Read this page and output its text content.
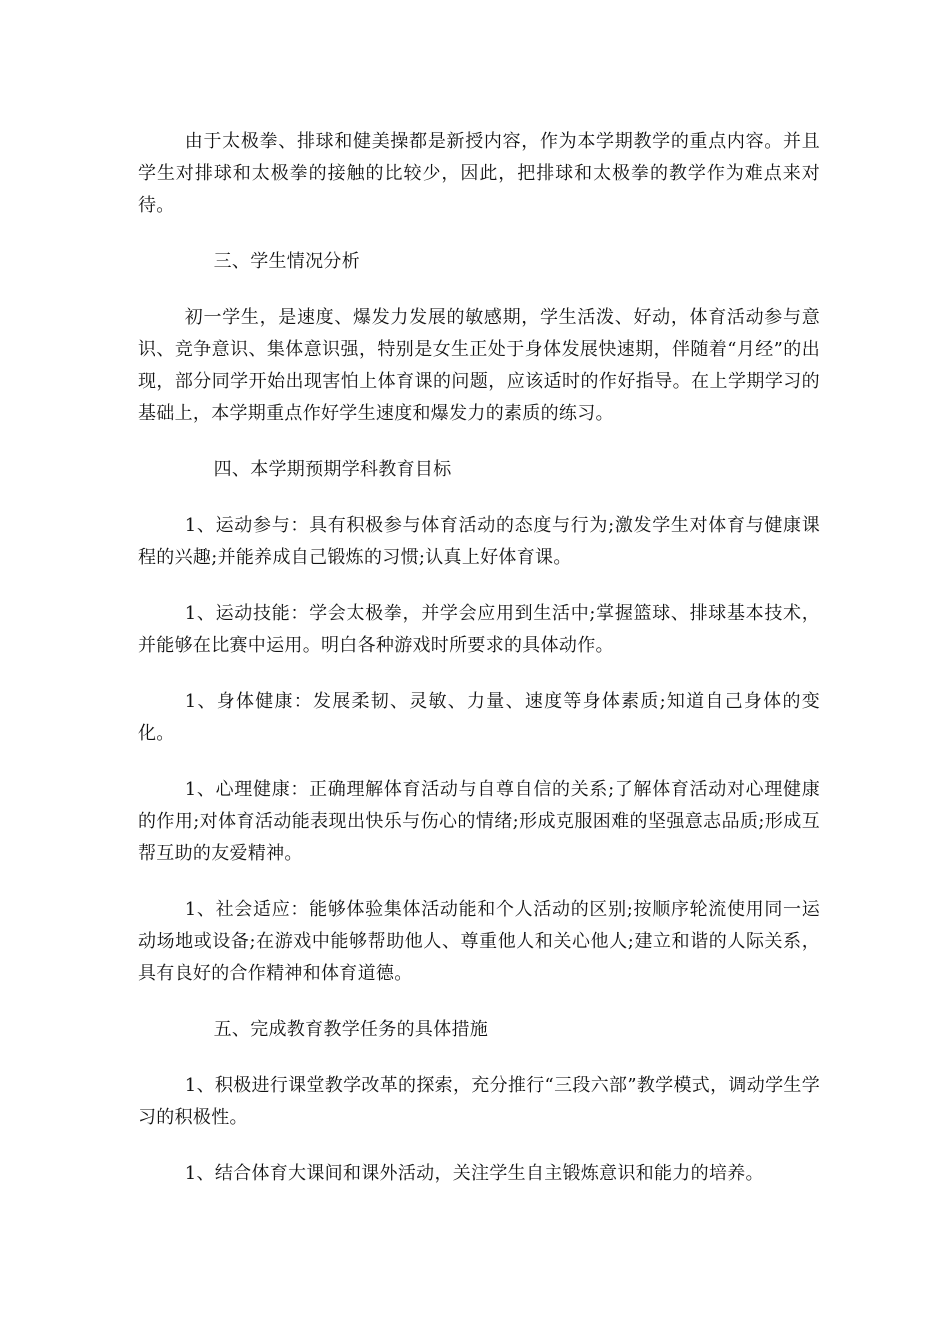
由于太极拳、排球和健美操都是新授内容，作为本学期教学的重点内容。并且学生对排球和太极拳的接触的比较少，因此，把排球和太极拳的教学作为难点来对待。

三、学生情况分析

初一学生，是速度、爆发力发展的敏感期，学生活泼、好动，体育活动参与意识、竞争意识、集体意识强，特别是女生正处于身体发展快速期，伴随着“月经”的出现，部分同学开始出现害怕上体育课的问题，应该适时的作好指导。在上学期学习的基础上，本学期重点作好学生速度和爆发力的素质的练习。

四、本学期预期学科教育目标

1、运动参与：具有积极参与体育活动的态度与行为;激发学生对体育与健康课程的兴趣;并能养成自己锻炼的习惯;认真上好体育课。

1、运动技能：学会太极拳，并学会应用到生活中;掌握篮球、排球基本技术，并能够在比赛中运用。明白各种游戏时所要求的具体动作。

1、身体健康：发展柔韧、灵敏、力量、速度等身体素质;知道自己身体的变化。

1、心理健康：正确理解体育活动与自尊自信的关系;了解体育活动对心理健康的作用;对体育活动能表现出快乐与伤心的情绪;形成克服困难的坚强意志品质;形成互帮互助的友爱精神。

1、社会适应：能够体验集体活动能和个人活动的区别;按顺序轮流使用同一运动场地或设备;在游戏中能够帮助他人、尊重他人和关心他人;建立和谐的人际关系，具有良好的合作精神和体育道德。

五、完成教育教学任务的具体措施

1、积极进行课堂教学改革的探索，充分推行“三段六部”教学模式，调动学生学习的积极性。

1、结合体育大课间和课外活动，关注学生自主锻炼意识和能力的培养。
